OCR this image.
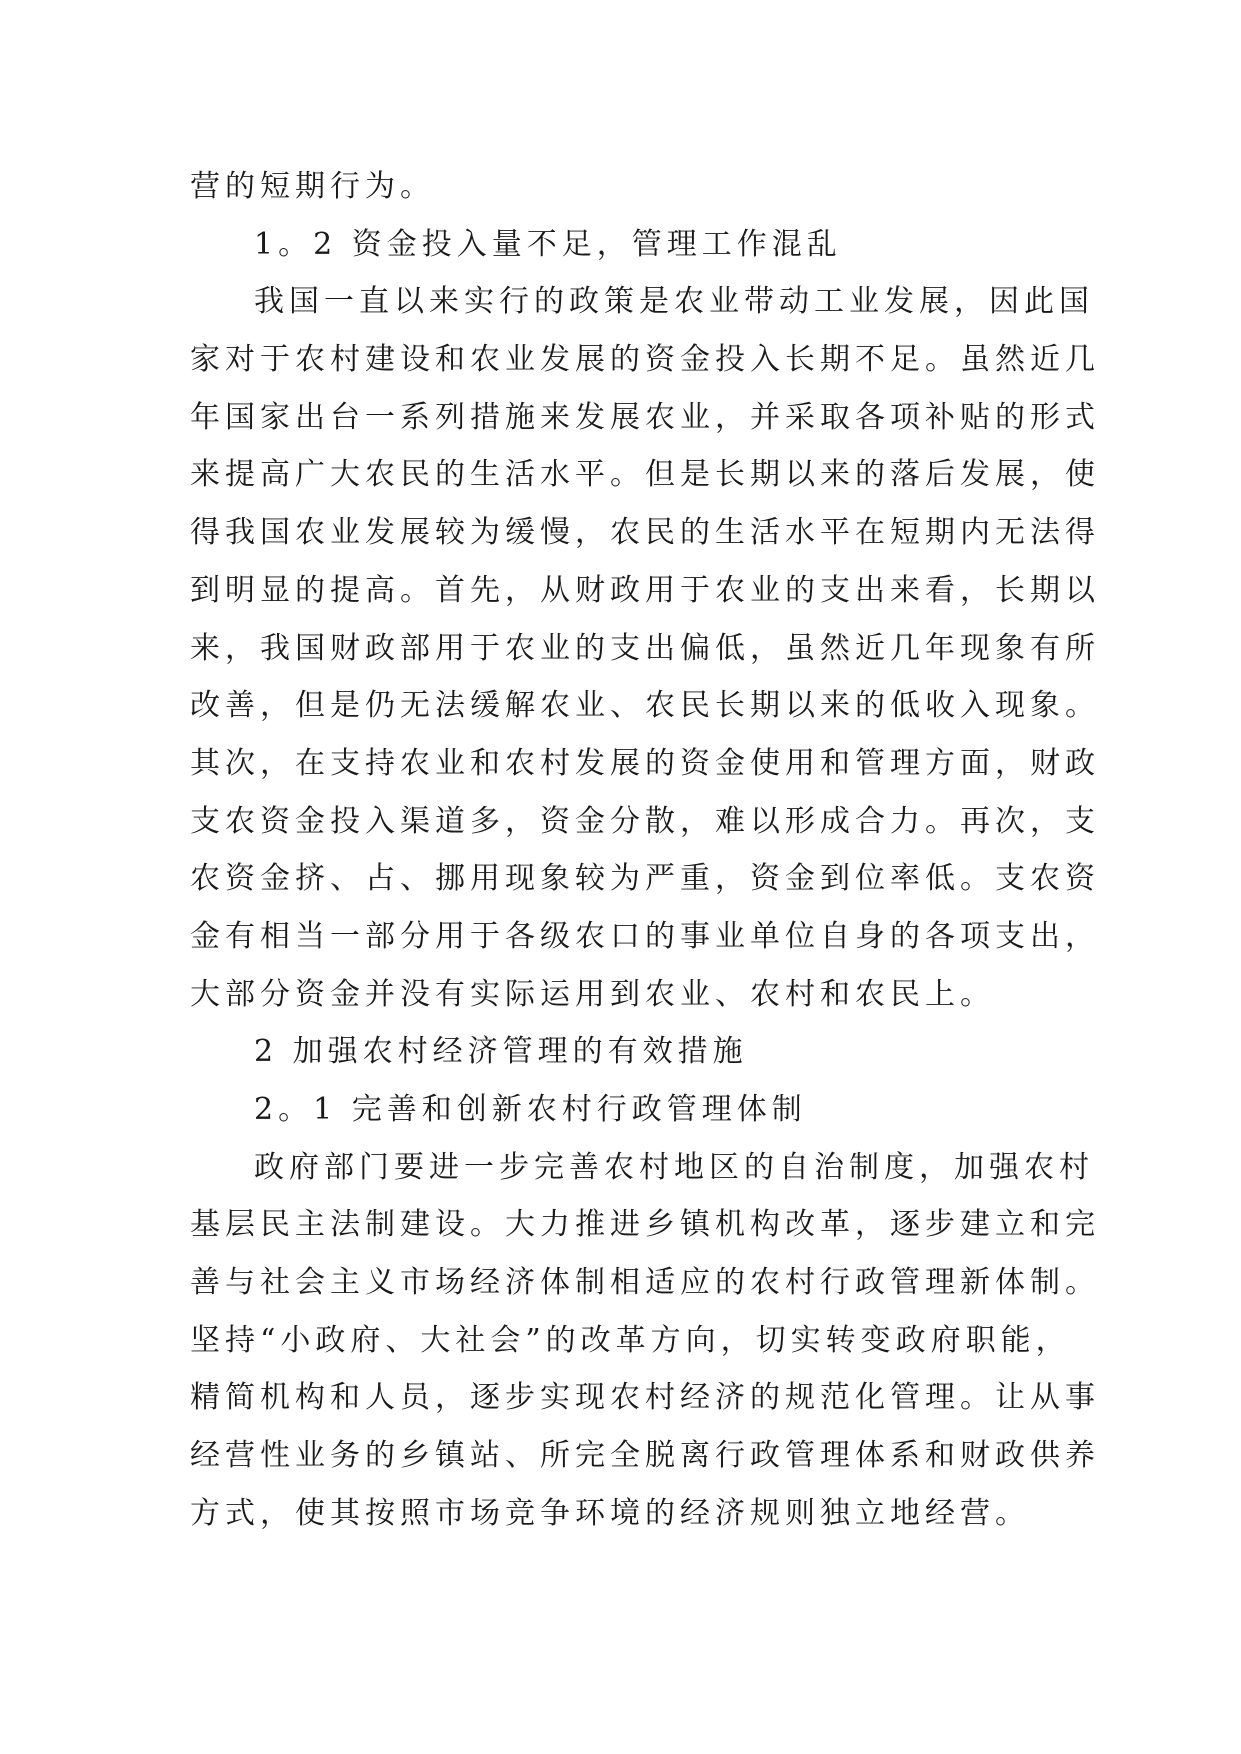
营的短期行为。
1。2 资金投入量不足，管理工作混乱
我国一直以来实行的政策是农业带动工业发展，因此国
家对于农村建设和农业发展的资金投入长期不足。虽然近几
年国家出台一系列措施来发展农业，并采取各项补贴的形式
来提高广大农民的生活水平。但是长期以来的落后发展，使
得我国农业发展较为缓慢，农民的生活水平在短期内无法得
到明显的提高。首先，从财政用于农业的支出来看，长期以
来，我国财政部用于农业的支出偏低，虽然近几年现象有所
改善，但是仍无法缓解农业、农民长期以来的低收入现象。
其次，在支持农业和农村发展的资金使用和管理方面，财政
支农资金投入渠道多，资金分散，难以形成合力。再次，支
农资金挤、占、挪用现象较为严重，资金到位率低。支农资
金有相当一部分用于各级农口的事业单位自身的各项支出，
大部分资金并没有实际运用到农业、农村和农民上。
2 加强农村经济管理的有效措施
2。1 完善和创新农村行政管理体制
政府部门要进一步完善农村地区的自治制度，加强农村
基层民主法制建设。大力推进乡镇机构改革，逐步建立和完
善与社会主义市场经济体制相适应的农村行政管理新体制。
坚持“小政府、大社会”的改革方向，切实转变政府职能，
精简机构和人员，逐步实现农村经济的规范化管理。让从事
经营性业务的乡镇站、所完全脱离行政管理体系和财政供养
方式，使其按照市场竞争环境的经济规则独立地经营。
